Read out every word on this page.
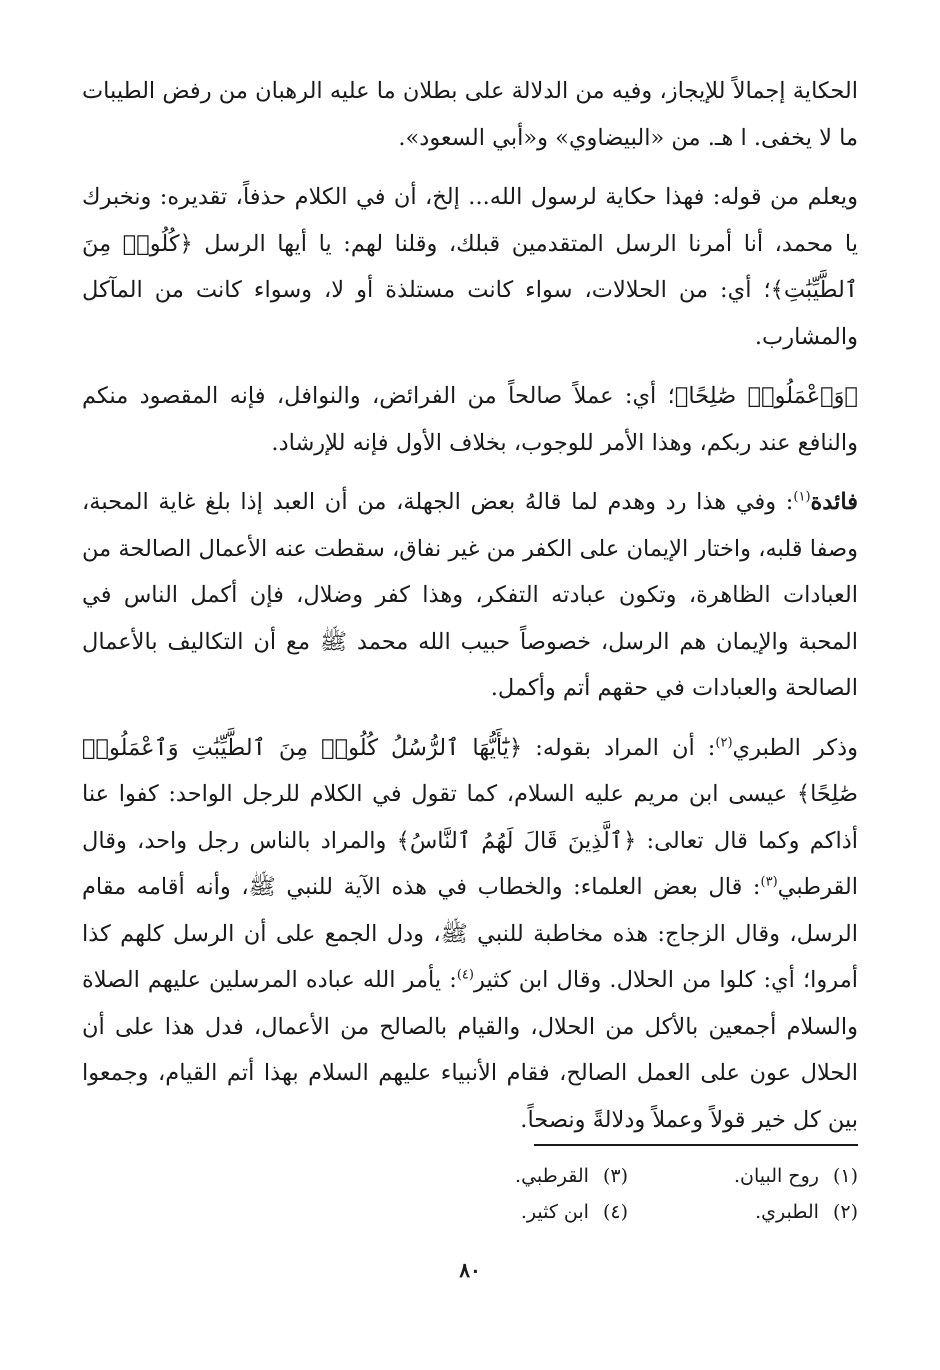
الحكاية إجمالاً للإيجاز، وفيه من الدلالة على بطلان ما عليه الرهبان من رفض الطيبات ما لا يخفى. ا هـ. من «البيضاوي» و«أبي السعود».

ويعلم من قوله: فهذا حكاية لرسول الله... إلخ، أن في الكلام حذفاً، تقديره: ونخبرك يا محمد، أنا أمرنا الرسل المتقدمين قبلك، وقلنا لهم: يا أيها الرسل ﴿كُلُوا۟ مِنَ ٱلطَّيِّبَٰتِ﴾؛ أي: من الحلالات، سواء كانت مستلذة أو لا، وسواء كانت من المآكل والمشارب.

﴿وَٱعْمَلُوا۟ صَٰلِحًا﴾؛ أي: عملاً صالحاً من الفرائض، والنوافل، فإنه المقصود منكم والنافع عند ربكم، وهذا الأمر للوجوب، بخلاف الأول فإنه للإرشاد.

فائدة$^{(١)}$: وفي هذا رد وهدم لما قالهُ بعض الجهلة، من أن العبد إذا بلغ غاية المحبة، وصفا قلبه، واختار الإيمان على الكفر من غير نفاق، سقطت عنه الأعمال الصالحة من العبادات الظاهرة، وتكون عبادته التفكر، وهذا كفر وضلال، فإن أكمل الناس في المحبة والإيمان هم الرسل، خصوصاً حبيب الله محمد ﷺ مع أن التكاليف بالأعمال الصالحة والعبادات في حقهم أتم وأكمل.

وذكر الطبري$^{(٢)}$: أن المراد بقوله: ﴿يَٰٓأَيُّهَا ٱلرُّسُلُ كُلُوا۟ مِنَ ٱلطَّيِّبَٰتِ وَٱعْمَلُوا۟ صَٰلِحًا﴾ عيسى ابن مريم عليه السلام، كما تقول في الكلام للرجل الواحد: كفوا عنا أذاكم وكما قال تعالى: ﴿ٱلَّذِينَ قَالَ لَهُمُ ٱلنَّاسُ﴾ والمراد بالناس رجل واحد، وقال القرطبي$^{(٣)}$: قال بعض العلماء: والخطاب في هذه الآية للنبي ﷺ، وأنه أقامه مقام الرسل، وقال الزجاج: هذه مخاطبة للنبي ﷺ، ودل الجمع على أن الرسل كلهم كذا أمروا؛ أي: كلوا من الحلال. وقال ابن كثير$^{(٤)}$: يأمر الله عباده المرسلين عليهم الصلاة والسلام أجمعين بالأكل من الحلال، والقيام بالصالح من الأعمال، فدل هذا على أن الحلال عون على العمل الصالح، فقام الأنبياء عليهم السلام بهذا أتم القيام، وجمعوا بين كل خير قولاً وعملاً ودلالةً ونصحاً.

(١)روح البيان.
(٣)القرطبي.
(٢)الطبري.
(٤)ابن كثير.
٨٠
